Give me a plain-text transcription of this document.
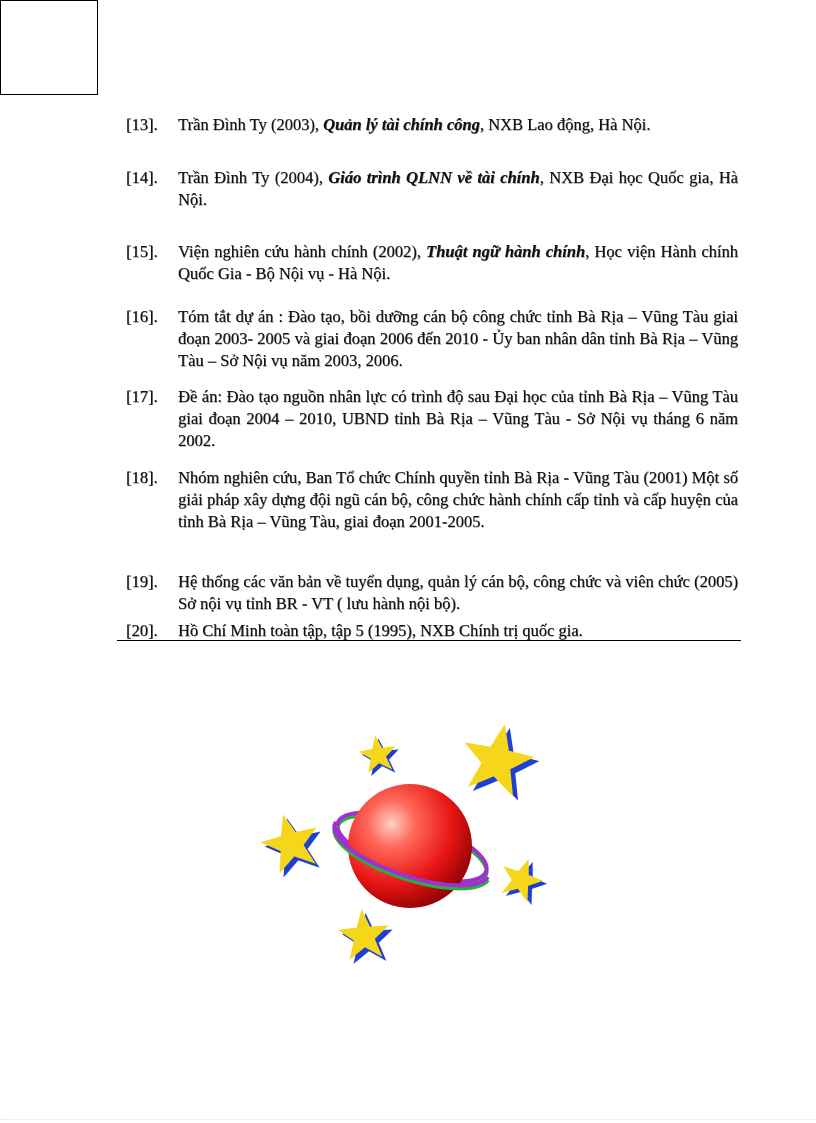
[13].	Trần Đình Ty (2003), Quản lý tài chính công, NXB Lao động, Hà Nội.
[14].	Trần Đình Ty (2004), Giáo trình QLNN về tài chính, NXB Đại học Quốc gia, Hà Nội.
[15].	Viện nghiên cứu hành chính (2002), Thuật ngữ hành chính, Học viện Hành chính Quốc Gia - Bộ Nội vụ - Hà Nội.
[16].	Tóm tắt dự án : Đào tạo, bồi dưỡng cán bộ công chức tỉnh Bà Rịa – Vũng Tàu giai đoạn 2003- 2005 và giai đoạn 2006 đến 2010 - Ủy ban nhân dân tỉnh Bà Rịa – Vũng Tàu – Sở Nội vụ năm 2003, 2006.
[17].	Đề án: Đào tạo nguồn nhân lực có trình độ sau Đại học của tỉnh Bà Rịa – Vũng Tàu giai đoạn 2004 – 2010, UBND tỉnh Bà Rịa – Vũng Tàu - Sở Nội vụ tháng 6 năm 2002.
[18].	Nhóm nghiên cứu, Ban Tổ chức Chính quyền tỉnh Bà Rịa - Vũng Tàu (2001) Một số giải pháp xây dựng đội ngũ cán bộ, công chức hành chính cấp tỉnh và cấp huyện của tỉnh Bà Rịa – Vũng Tàu, giai đoạn 2001-2005.
[19].	Hệ thống các văn bản về tuyển dụng, quản lý cán bộ, công chức và viên chức (2005) Sở nội vụ tỉnh BR - VT ( lưu hành nội bộ).
[20].	Hồ Chí Minh toàn tập, tập 5 (1995), NXB Chính trị quốc gia.
